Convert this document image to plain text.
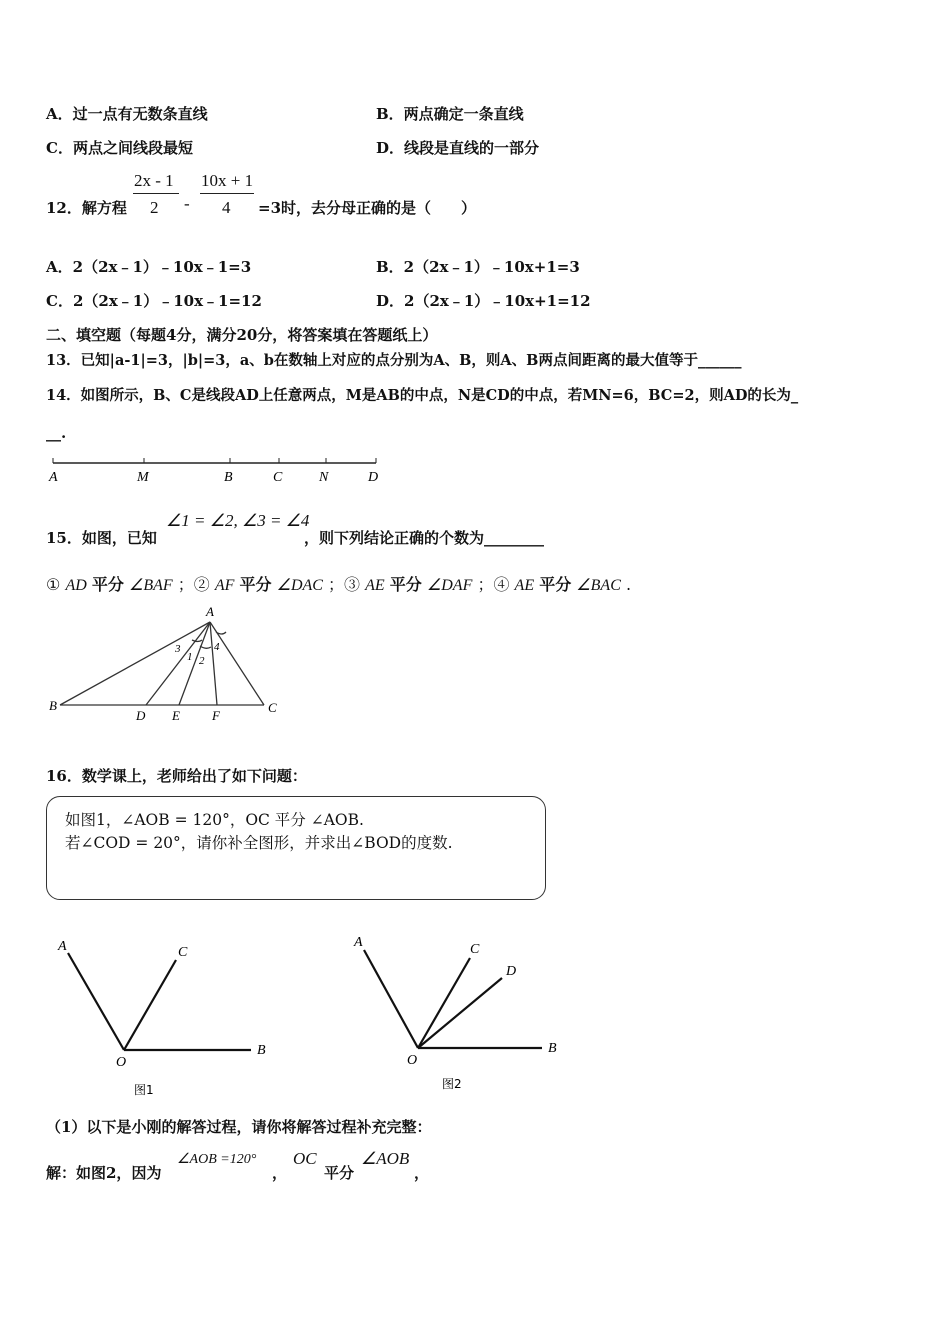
A．过一点有无数条直线	B．两点确定一条直线
C．两点之间线段最短	D．线段是直线的一部分
12．解方程
2x - 1
2 -
10x + 1
4 =3时，去分母正确的是（　　）
A．2（2x﹣1）﹣10x﹣1=3	B．2（2x﹣1）﹣10x+1=3
C．2（2x﹣1）﹣10x﹣1=12	D．2（2x﹣1）﹣10x+1=12
二、填空题（每题4分，满分20分，将答案填在答题纸上）
13．已知|a-1|=3，|b|=3，a、b在数轴上对应的点分别为A、B，则A、B两点间距离的最大值等于______
14．如图所示，B、C是线段AD上任意两点，M是AB的中点，N是CD的中点，若MN=6，BC=2，则AD的长为_
__.
A	M	B	C	N	D
15．如图，已知
∠1 = ∠2, ∠3 = ∠4
，则下列结论正确的个数为________
① AD 平分 ∠BAF ；② AF 平分 ∠DAC ；③ AE 平分 ∠DAF ；④ AE 平分 ∠BAC .
A
B
D E F
C
3
1 2
4
16．数学课上，老师给出了如下问题：
如图1，∠AOB = 120°，OC 平分 ∠AOB.
若∠COD = 20°，请你补全图形，并求出∠BOD的度数.
A	C
O
B
图1
A	C
D
O
B
图2
（1）以下是小刚的解答过程，请你将解答过程补充完整：
解：如图2，因为
∠AOB =120°
，
OC
平分
∠AOB
，
